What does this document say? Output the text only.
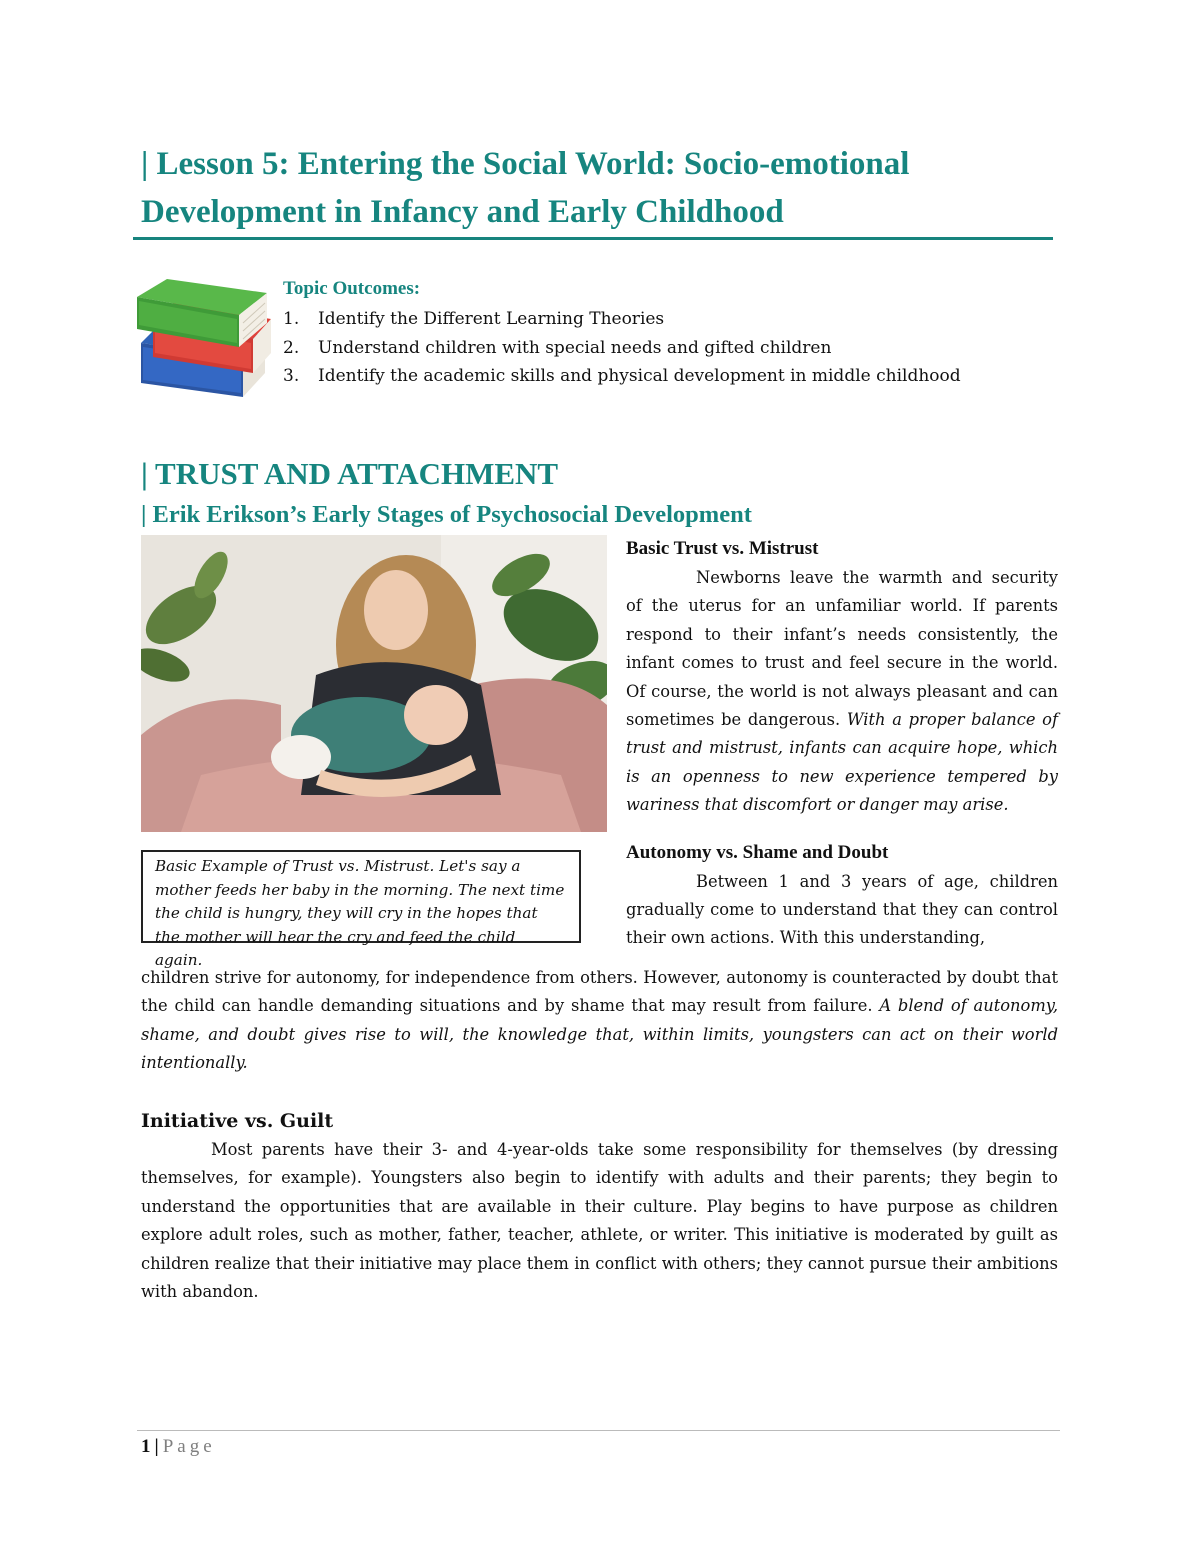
| Lesson 5: Entering the Social World: Socio-emotional Development in Infancy and Early Childhood

Topic Outcomes:

1.	Identify the Different Learning Theories
2.	Understand children with special needs and gifted children
3.	Identify the academic skills and physical development in middle childhood
| TRUST AND ATTACHMENT
| Erik Erikson’s Early Stages of Psychosocial Development
Basic Example of Trust vs. Mistrust. Let's say a mother feeds her baby in the morning. The next time the child is hungry, they will cry in the hopes that the mother will hear the cry and feed the child again.

Basic Trust vs. Mistrust

Newborns leave the warmth and security of the uterus for an unfamiliar world. If parents respond to their infant’s needs consistently, the infant comes to trust and feel secure in the world. Of course, the world is not always pleasant and can sometimes be dangerous. With a proper balance of trust and mistrust, infants can acquire hope, which is an openness to new experience tempered by wariness that discomfort or danger may arise.

Autonomy vs. Shame and Doubt

Between 1 and 3 years of age, children gradually come to understand that they can control their own actions. With this understanding,

children strive for autonomy, for independence from others. However, autonomy is counteracted by doubt that the child can handle demanding situations and by shame that may result from failure. A blend of autonomy, shame, and doubt gives rise to will, the knowledge that, within limits, youngsters can act on their world intentionally.

Initiative vs. Guilt

Most parents have their 3- and 4-year-olds take some responsibility for themselves (by dressing themselves, for example). Youngsters also begin to identify with adults and their parents; they begin to understand the opportunities that are available in their culture. Play begins to have purpose as children explore adult roles, such as mother, father, teacher, athlete, or writer. This initiative is moderated by guilt as children realize that their initiative may place them in conflict with others; they cannot pursue their ambitions with abandon.

1 | Page
